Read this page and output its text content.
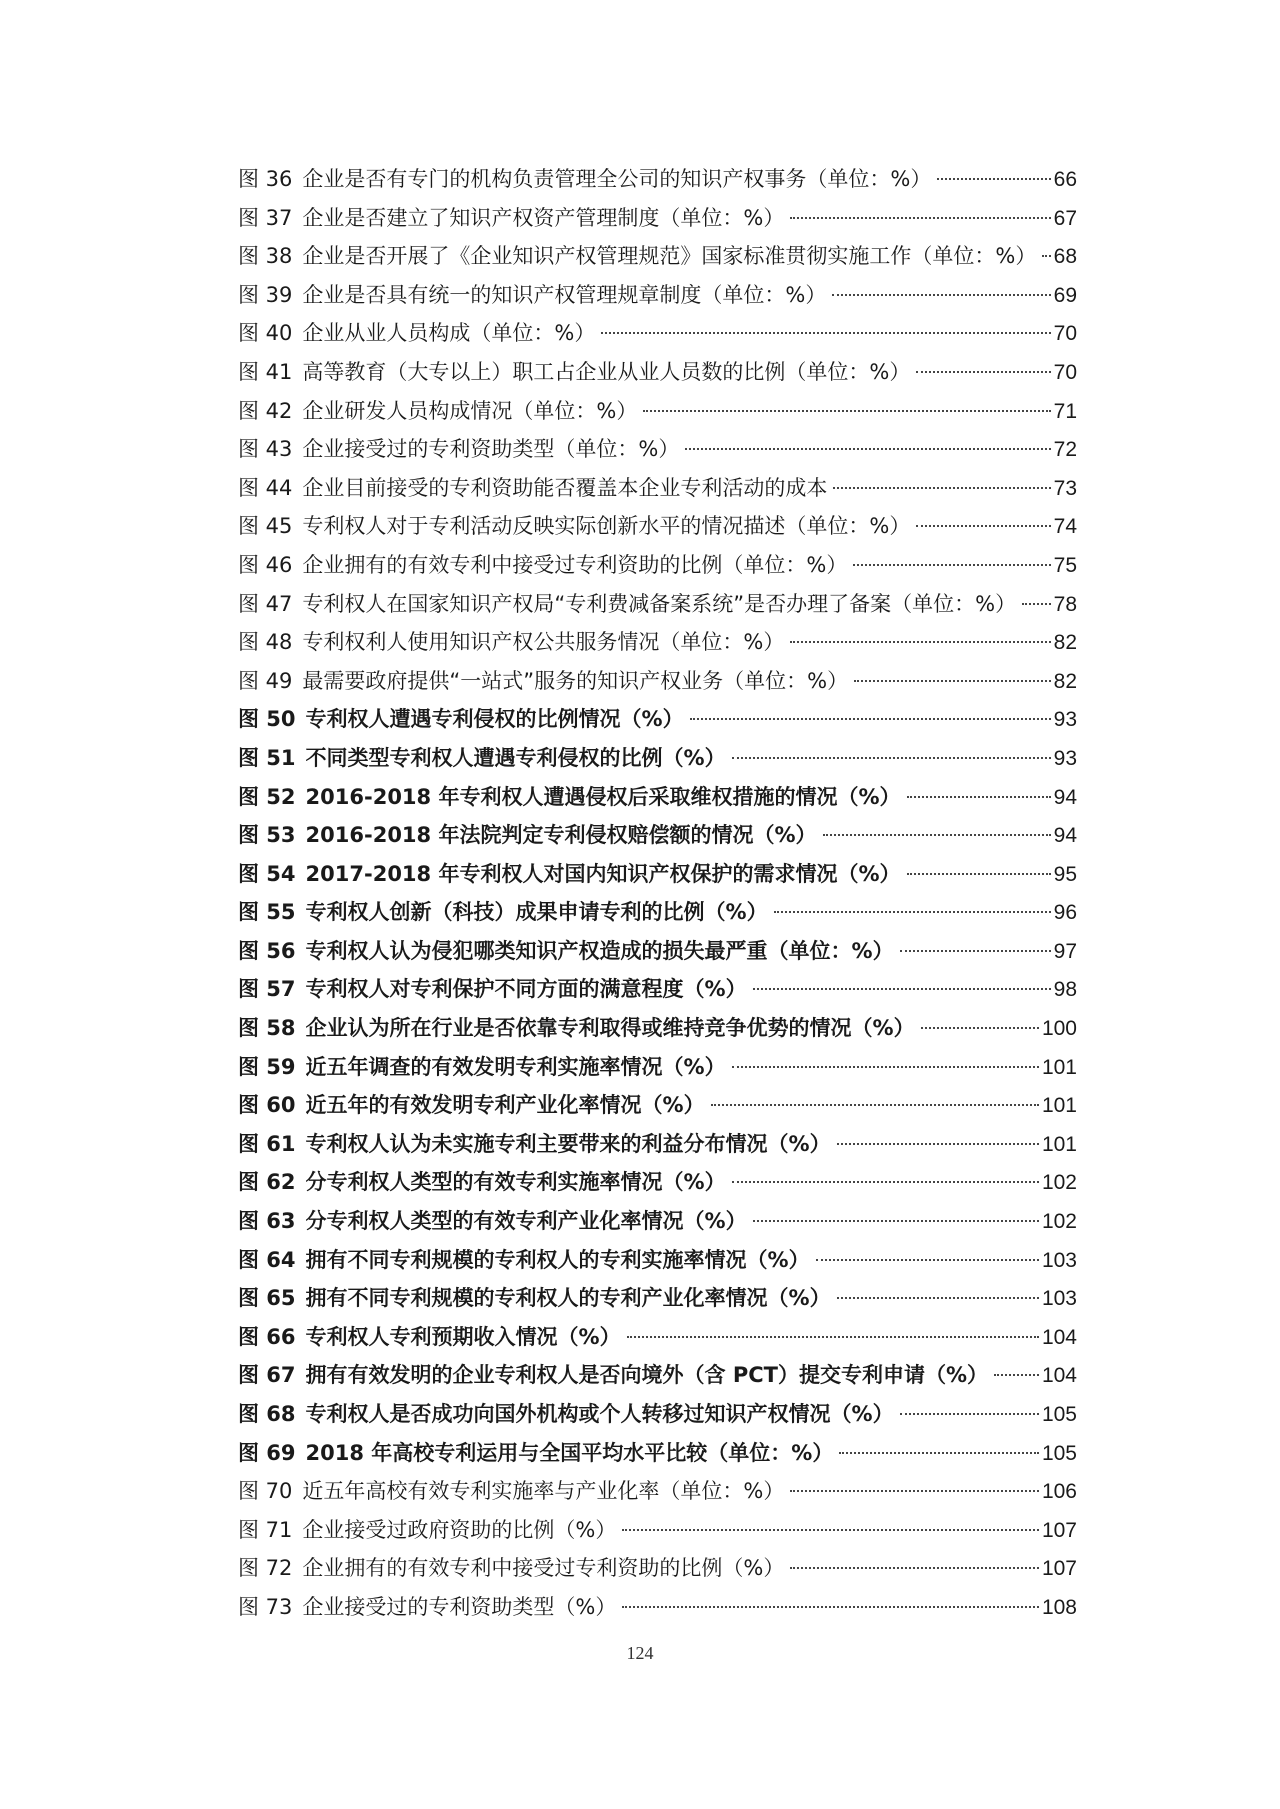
图 36 企业是否有专门的机构负责管理全公司的知识产权事务（单位：%）	66
图 37 企业是否建立了知识产权资产管理制度（单位：%）	67
图 38 企业是否开展了《企业知识产权管理规范》国家标准贯彻实施工作（单位：%） 68
图 39 企业是否具有统一的知识产权管理规章制度（单位：%）	69
图 40 企业从业人员构成（单位：%）	70
图 41 高等教育（大专以上）职工占企业从业人员数的比例（单位：%）	70
图 42 企业研发人员构成情况（单位：%）	71
图 43 企业接受过的专利资助类型（单位：%）	72
图 44 企业目前接受的专利资助能否覆盖本企业专利活动的成本	73
图 45 专利权人对于专利活动反映实际创新水平的情况描述（单位：%）	74
图 46 企业拥有的有效专利中接受过专利资助的比例（单位：%）	75
图 47 专利权人在国家知识产权局“专利费减备案系统”是否办理了备案（单位：%） 78
图 48 专利权利人使用知识产权公共服务情况（单位：%）	82
图 49 最需要政府提供“一站式”服务的知识产权业务（单位：%）	82
图 50 专利权人遭遇专利侵权的比例情况（%）	93
图 51 不同类型专利权人遭遇专利侵权的比例（%）	93
图 52 2016-2018 年专利权人遭遇侵权后采取维权措施的情况（%）	94
图 53 2016-2018 年法院判定专利侵权赔偿额的情况（%）	94
图 54 2017-2018 年专利权人对国内知识产权保护的需求情况（%）	95
图 55 专利权人创新（科技）成果申请专利的比例（%）	96
图 56 专利权人认为侵犯哪类知识产权造成的损失最严重（单位：%）	97
图 57 专利权人对专利保护不同方面的满意程度（%）	98
图 58 企业认为所在行业是否依靠专利取得或维持竞争优势的情况（%）	100
图 59 近五年调查的有效发明专利实施率情况（%）	101
图 60 近五年的有效发明专利产业化率情况（%）	101
图 61 专利权人认为未实施专利主要带来的利益分布情况（%）	101
图 62 分专利权人类型的有效专利实施率情况（%）	102
图 63 分专利权人类型的有效专利产业化率情况（%）	102
图 64 拥有不同专利规模的专利权人的专利实施率情况（%）	103
图 65 拥有不同专利规模的专利权人的专利产业化率情况（%）	103
图 66 专利权人专利预期收入情况（%）	104
图 67 拥有有效发明的企业专利权人是否向境外（含 PCT）提交专利申请（%）	104
图 68 专利权人是否成功向国外机构或个人转移过知识产权情况（%）	105
图 69 2018 年高校专利运用与全国平均水平比较（单位：%）	105
图 70 近五年高校有效专利实施率与产业化率（单位：%）	106
图 71 企业接受过政府资助的比例（%）	107
图 72 企业拥有的有效专利中接受过专利资助的比例（%）	107
图 73 企业接受过的专利资助类型（%）	108
124
